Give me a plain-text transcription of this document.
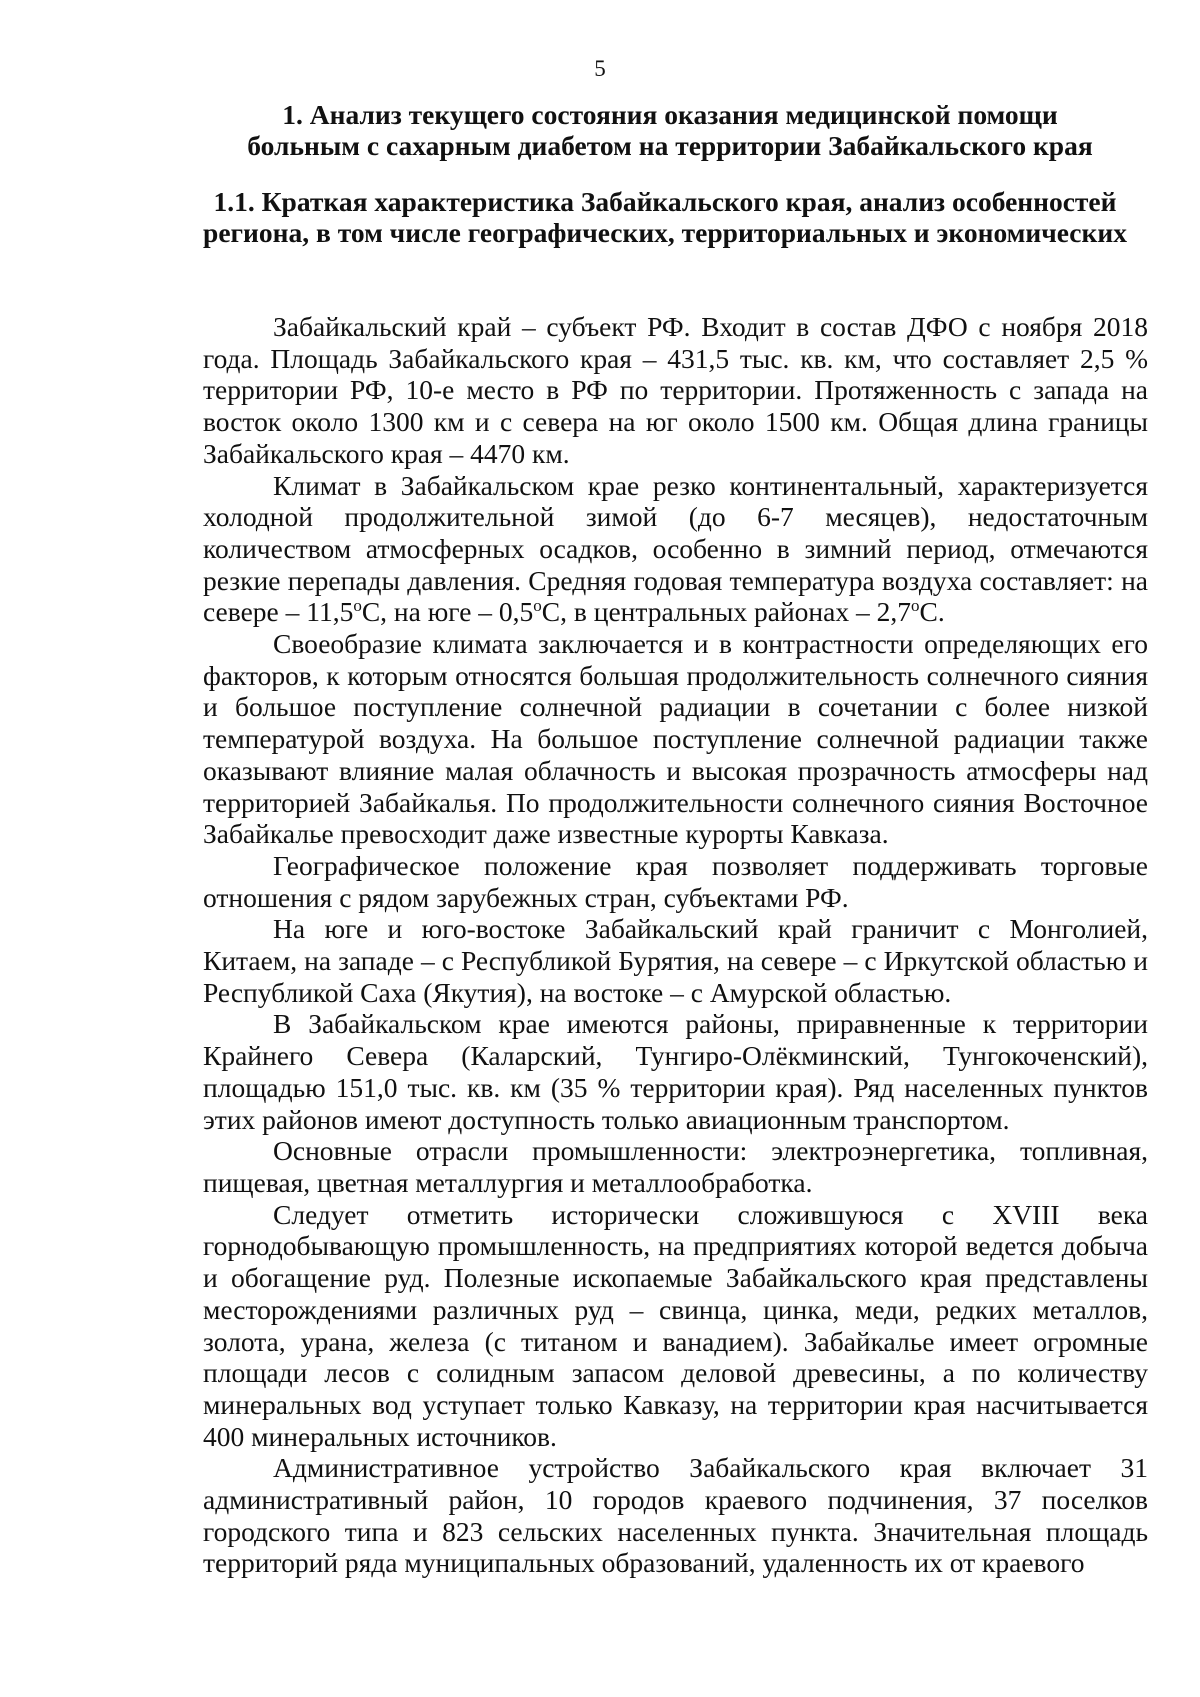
5
1. Анализ текущего состояния оказания медицинской помощи
больным с сахарным диабетом на территории Забайкальского края
1.1. Краткая характеристика Забайкальского края, анализ особенностей региона, в том числе географических, территориальных и экономических

Забайкальский край – субъект РФ. Входит в состав ДФО с ноября 2018 года. Площадь Забайкальского края – 431,5 тыс. кв. км, что составляет 2,5 % территории РФ, 10-е место в РФ по территории. Протяженность с запада на восток около 1300 км и с севера на юг около 1500 км. Общая длина границы Забайкальского края – 4470 км.

Климат в Забайкальском крае резко континентальный, характеризуется холодной продолжительной зимой (до 6-7 месяцев), недостаточным количеством атмосферных осадков, особенно в зимний период, отмечаются резкие перепады давления. Средняя годовая температура воздуха составляет: на севере – $11,5^оС$, на юге – $0,5^оС$, в центральных районах – $2,7^оС$.

Своеобразие климата заключается и в контрастности определяющих его факторов, к которым относятся большая продолжительность солнечного сияния и большое поступление солнечной радиации в сочетании с более низкой температурой воздуха. На большое поступление солнечной радиации также оказывают влияние малая облачность и высокая прозрачность атмосферы над территорией Забайкалья. По продолжительности солнечного сияния Восточное Забайкалье превосходит даже известные курорты Кавказа.

Географическое положение края позволяет поддерживать торговые отношения с рядом зарубежных стран, субъектами РФ.

На юге и юго-востоке Забайкальский край граничит с Монголией, Китаем, на западе – с Республикой Бурятия, на севере – с Иркутской областью и Республикой Саха (Якутия), на востоке – с Амурской областью.

В Забайкальском крае имеются районы, приравненные к территории Крайнего Севера (Каларский, Тунгиро-Олёкминский, Тунгокоченский), площадью 151,0 тыс. кв. км (35 % территории края). Ряд населенных пунктов этих районов имеют доступность только авиационным транспортом.

Основные отрасли промышленности: электроэнергетика, топливная, пищевая, цветная металлургия и металлообработка.

Следует отметить исторически сложившуюся с XVIII века горнодобывающую промышленность, на предприятиях которой ведется добыча и обогащение руд. Полезные ископаемые Забайкальского края представлены месторождениями различных руд – свинца, цинка, меди, редких металлов, золота, урана, железа (с титаном и ванадием). Забайкалье имеет огромные площади лесов с солидным запасом деловой древесины, а по количеству минеральных вод уступает только Кавказу, на территории края насчитывается 400 минеральных источников.

Административное устройство Забайкальского края включает 31 административный район, 10 городов краевого подчинения, 37 поселков городского типа и 823 сельских населенных пункта. Значительная площадь территорий ряда муниципальных образований, удаленность их от краевого
